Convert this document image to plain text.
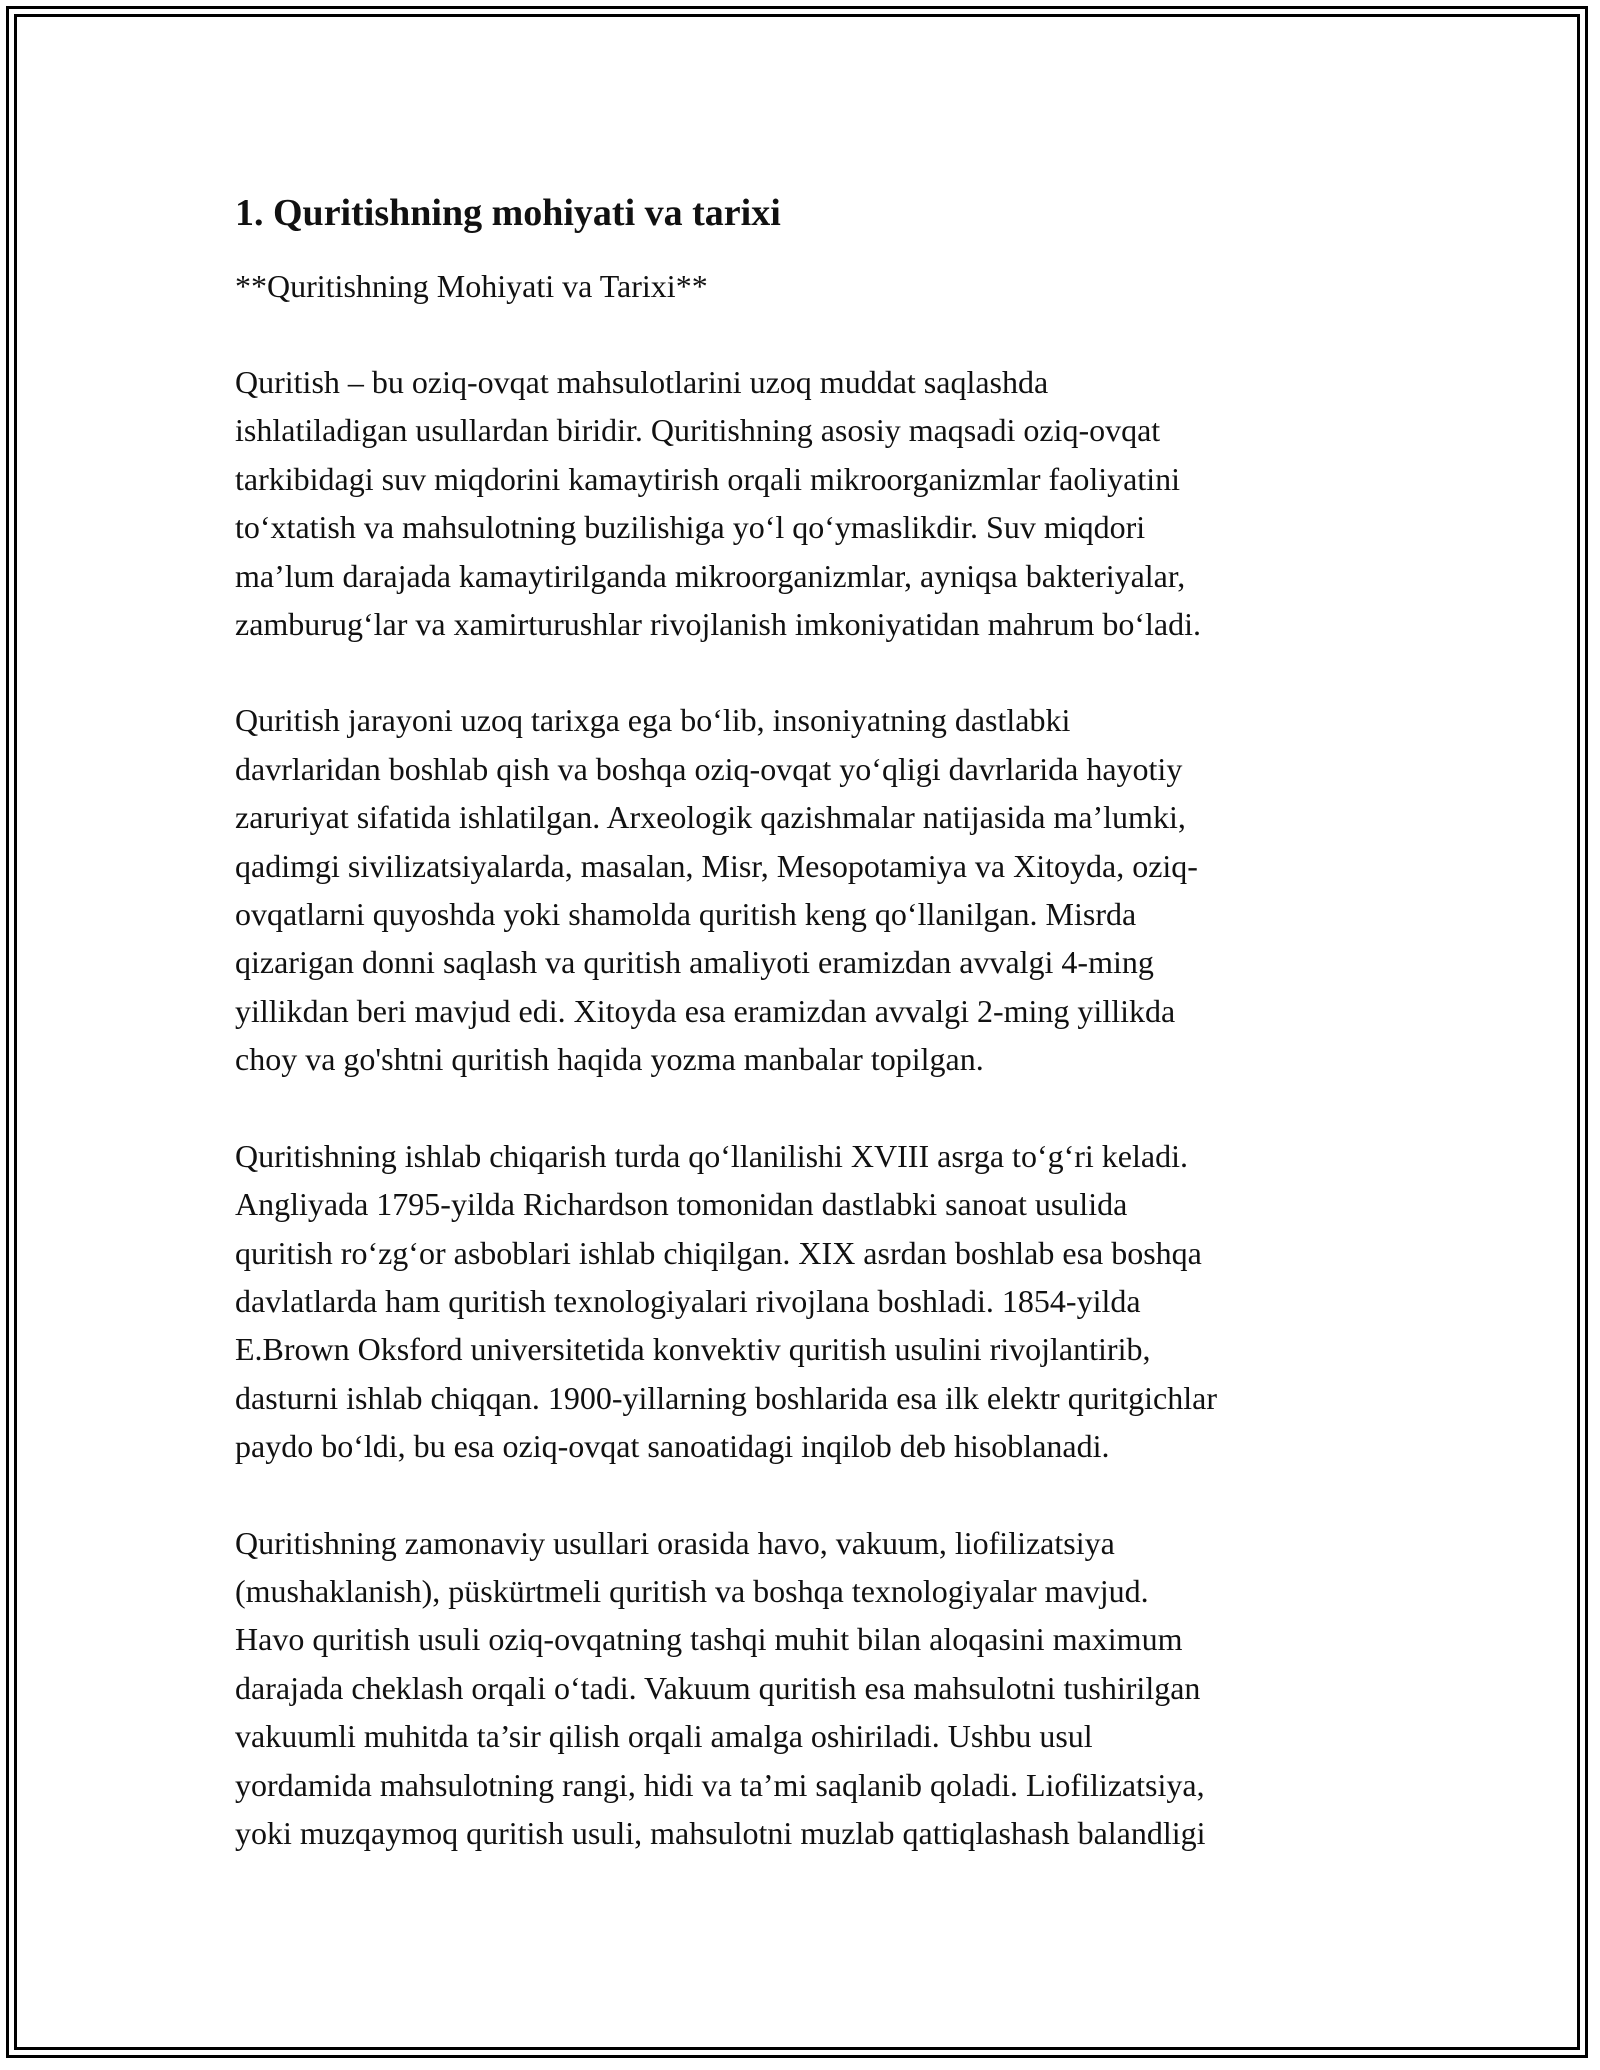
1. Quritishning mohiyati va tarixi
**Quritishning Mohiyati va Tarixi**
Quritish – bu oziq-ovqat mahsulotlarini uzoq muddat saqlashda
ishlatiladigan usullardan biridir. Quritishning asosiy maqsadi oziq-ovqat
tarkibidagi suv miqdorini kamaytirish orqali mikroorganizmlar faoliyatini
to‘xtatish va mahsulotning buzilishiga yo‘l qo‘ymaslikdir. Suv miqdori
ma’lum darajada kamaytirilganda mikroorganizmlar, ayniqsa bakteriyalar,
zamburug‘lar va xamirturushlar rivojlanish imkoniyatidan mahrum bo‘ladi.
Quritish jarayoni uzoq tarixga ega bo‘lib, insoniyatning dastlabki
davrlaridan boshlab qish va boshqa oziq-ovqat yo‘qligi davrlarida hayotiy
zaruriyat sifatida ishlatilgan. Arxeologik qazishmalar natijasida ma’lumki,
qadimgi sivilizatsiyalarda, masalan, Misr, Mesopotamiya va Xitoyda, oziq-
ovqatlarni quyoshda yoki shamolda quritish keng qo‘llanilgan. Misrda
qizarigan donni saqlash va quritish amaliyoti eramizdan avvalgi 4-ming
yillikdan beri mavjud edi. Xitoyda esa eramizdan avvalgi 2-ming yillikda
choy va go'shtni quritish haqida yozma manbalar topilgan.
Quritishning ishlab chiqarish turda qo‘llanilishi XVIII asrga to‘g‘ri keladi.
Angliyada 1795-yilda Richardson tomonidan dastlabki sanoat usulida
quritish ro‘zg‘or asboblari ishlab chiqilgan. XIX asrdan boshlab esa boshqa
davlatlarda ham quritish texnologiyalari rivojlana boshladi. 1854-yilda
E.Brown Oksford universitetida konvektiv quritish usulini rivojlantirib,
dasturni ishlab chiqqan. 1900-yillarning boshlarida esa ilk elektr quritgichlar
paydo bo‘ldi, bu esa oziq-ovqat sanoatidagi inqilob deb hisoblanadi.
Quritishning zamonaviy usullari orasida havo, vakuum, liofilizatsiya
(mushaklanish), püskürtmeli quritish va boshqa texnologiyalar mavjud.
Havo quritish usuli oziq-ovqatning tashqi muhit bilan aloqasini maximum
darajada cheklash orqali o‘tadi. Vakuum quritish esa mahsulotni tushirilgan
vakuumli muhitda ta’sir qilish orqali amalga oshiriladi. Ushbu usul
yordamida mahsulotning rangi, hidi va ta’mi saqlanib qoladi. Liofilizatsiya,
yoki muzqaymoq quritish usuli, mahsulotni muzlab qattiqlashash balandligi
